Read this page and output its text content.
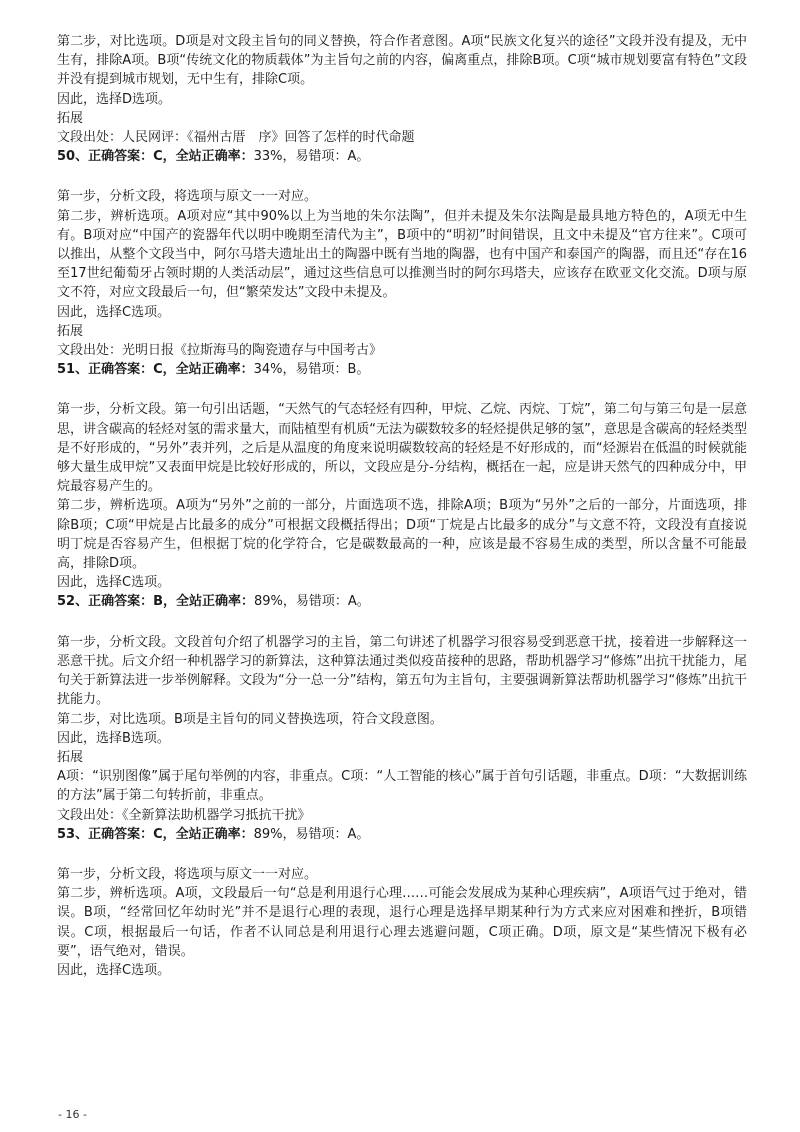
第二步，对比选项。D项是对文段主旨句的同义替换，符合作者意图。A项“民族文化复兴的途径”文段并没有提及，无中生有，排除A项。B项“传统文化的物质载体”为主旨句之前的内容，偏离重点，排除B项。C项“城市规划要富有特色”文段并没有提到城市规划，无中生有，排除C项。

因此，选择D选项。

拓展

文段出处：人民网评：《福州古厝　序》回答了怎样的时代命题

50、正确答案：C，全站正确率：33%，易错项：A。

第一步，分析文段，将选项与原文一一对应。

第二步，辨析选项。A项对应“其中90%以上为当地的朱尔法陶”，但并未提及朱尔法陶是最具地方特色的，A项无中生有。B项对应“中国产的瓷器年代以明中晚期至清代为主”，B项中的“明初”时间错误，且文中未提及“官方往来”。C项可以推出，从整个文段当中，阿尔马塔夫遗址出土的陶器中既有当地的陶器，也有中国产和泰国产的陶器，而且还“存在16至17世纪葡萄牙占领时期的人类活动层”，通过这些信息可以推测当时的阿尔玛塔夫，应该存在欧亚文化交流。D项与原文不符，对应文段最后一句，但“繁荣发达”文段中未提及。

因此，选择C选项。

拓展

文段出处：光明日报《拉斯海马的陶瓷遗存与中国考古》

51、正确答案：C，全站正确率：34%，易错项：B。

第一步，分析文段。第一句引出话题，“天然气的气态轻烃有四种，甲烷、乙烷、丙烷、丁烷”，第二句与第三句是一层意思，讲含碳高的轻烃对氢的需求量大，而陆植型有机质“无法为碳数较多的轻烃提供足够的氢”，意思是含碳高的轻烃类型是不好形成的，“另外”表并列，之后是从温度的角度来说明碳数较高的轻烃是不好形成的，而“烃源岩在低温的时候就能够大量生成甲烷”又表面甲烷是比较好形成的，所以，文段应是分-分结构，概括在一起，应是讲天然气的四种成分中，甲烷最容易产生的。

第二步，辨析选项。A项为“另外”之前的一部分，片面选项不选，排除A项；B项为“另外”之后的一部分，片面选项，排除B项；C项“甲烷是占比最多的成分”可根据文段概括得出；D项“丁烷是占比最多的成分”与文意不符，文段没有直接说明丁烷是否容易产生，但根据丁烷的化学符合，它是碳数最高的一种，应该是最不容易生成的类型，所以含量不可能最高，排除D项。

因此，选择C选项。

52、正确答案：B，全站正确率：89%，易错项：A。

第一步，分析文段。文段首句介绍了机器学习的主旨，第二句讲述了机器学习很容易受到恶意干扰，接着进一步解释这一恶意干扰。后文介绍一种机器学习的新算法，这种算法通过类似疫苗接种的思路，帮助机器学习“修炼”出抗干扰能力，尾句关于新算法进一步举例解释。文段为“分一总一分”结构，第五句为主旨句，主要强调新算法帮助机器学习“修炼”出抗干扰能力。

第二步，对比选项。B项是主旨句的同义替换选项，符合文段意图。

因此，选择B选项。

拓展

A项：“识别图像”属于尾句举例的内容，非重点。C项：“人工智能的核心”属于首句引话题，非重点。D项：“大数据训练的方法”属于第二句转折前，非重点。

文段出处：《全新算法助机器学习抵抗干扰》

53、正确答案：C，全站正确率：89%，易错项：A。

第一步，分析文段，将选项与原文一一对应。

第二步，辨析选项。A项，文段最后一句“总是利用退行心理……可能会发展成为某种心理疾病”，A项语气过于绝对，错误。B项，“经常回忆年幼时光”并不是退行心理的表现，退行心理是选择早期某种行为方式来应对困难和挫折，B项错误。C项，根据最后一句话，作者不认同总是利用退行心理去逃避问题，C项正确。D项，原文是“某些情况下极有必要”，语气绝对，错误。

因此，选择C选项。

- 16 -
